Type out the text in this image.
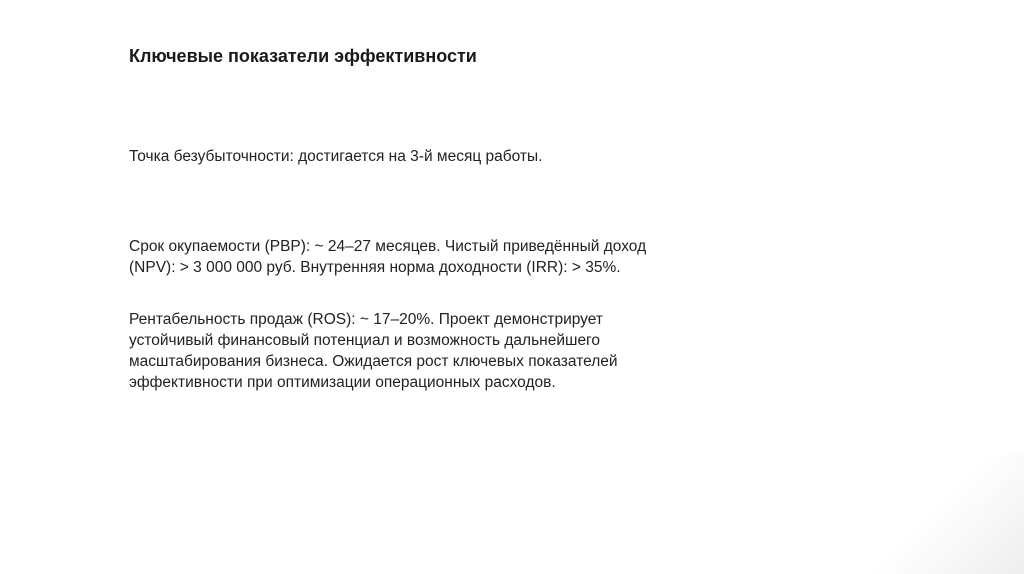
Ключевые показатели эффективности
Точка безубыточности: достигается на 3-й месяц работы.
Срок окупаемости (PBP): ~ 24–27 месяцев. Чистый приведённый доход (NPV): > 3 000 000 руб. Внутренняя норма доходности (IRR): > 35%.
Рентабельность продаж (ROS): ~ 17–20%. Проект демонстрирует устойчивый финансовый потенциал и возможность дальнейшего масштабирования бизнеса. Ожидается рост ключевых показателей эффективности при оптимизации операционных расходов.
